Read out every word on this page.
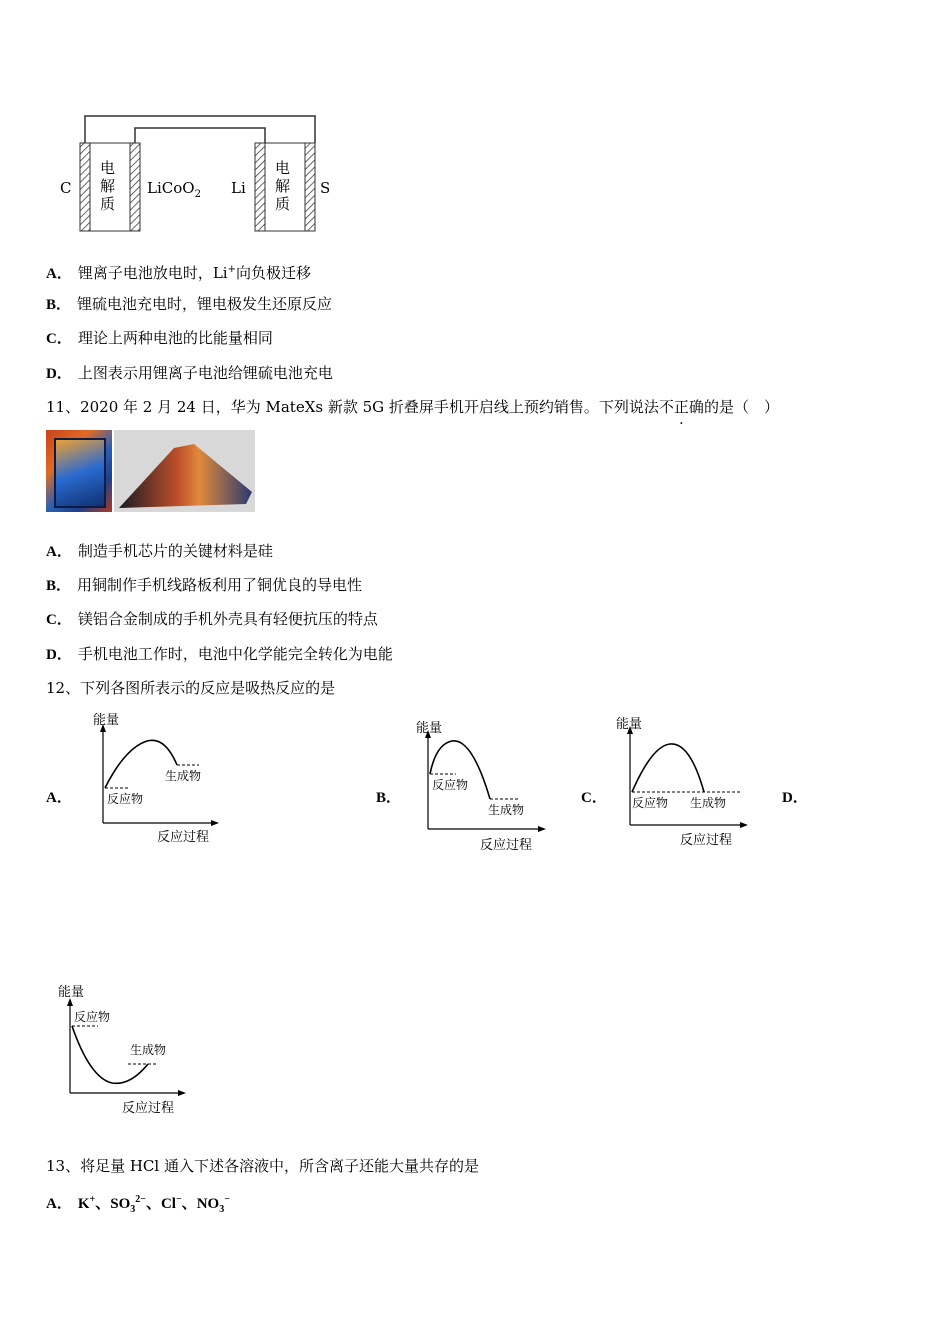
C
电
解
质
LiCoO$_2$ Li
电
解
质
S
A． 锂离子电池放电时，Li+向负极迁移
B． 锂硫电池充电时，锂电极发生还原反应
C． 理论上两种电池的比能量相同
D． 上图表示用锂离子电池给锂硫电池充电
11、2020 年 2 月 24 日，华为 MateXs 新款 5G 折叠屏手机开启线上预约销售。下列说法不正确的是（　）
A． 制造手机芯片的关键材料是硅
B． 用铜制作手机线路板利用了铜优良的导电性
C． 镁铝合金制成的手机外壳具有轻便抗压的特点
D． 手机电池工作时，电池中化学能完全转化为电能
12、下列各图所表示的反应是吸热反应的是
A．	B．	C．	D．
能量
反应过程
反应物
生成物
能量
反应过程
反应物
生成物
能量
反应过程
反应物 生成物
能量
反应过程
反应物
生成物
13、将足量 HCl 通入下述各溶液中，所含离子还能大量共存的是
A． K+、$SO_3^{2-}$、Cl−、$NO_3^-$
